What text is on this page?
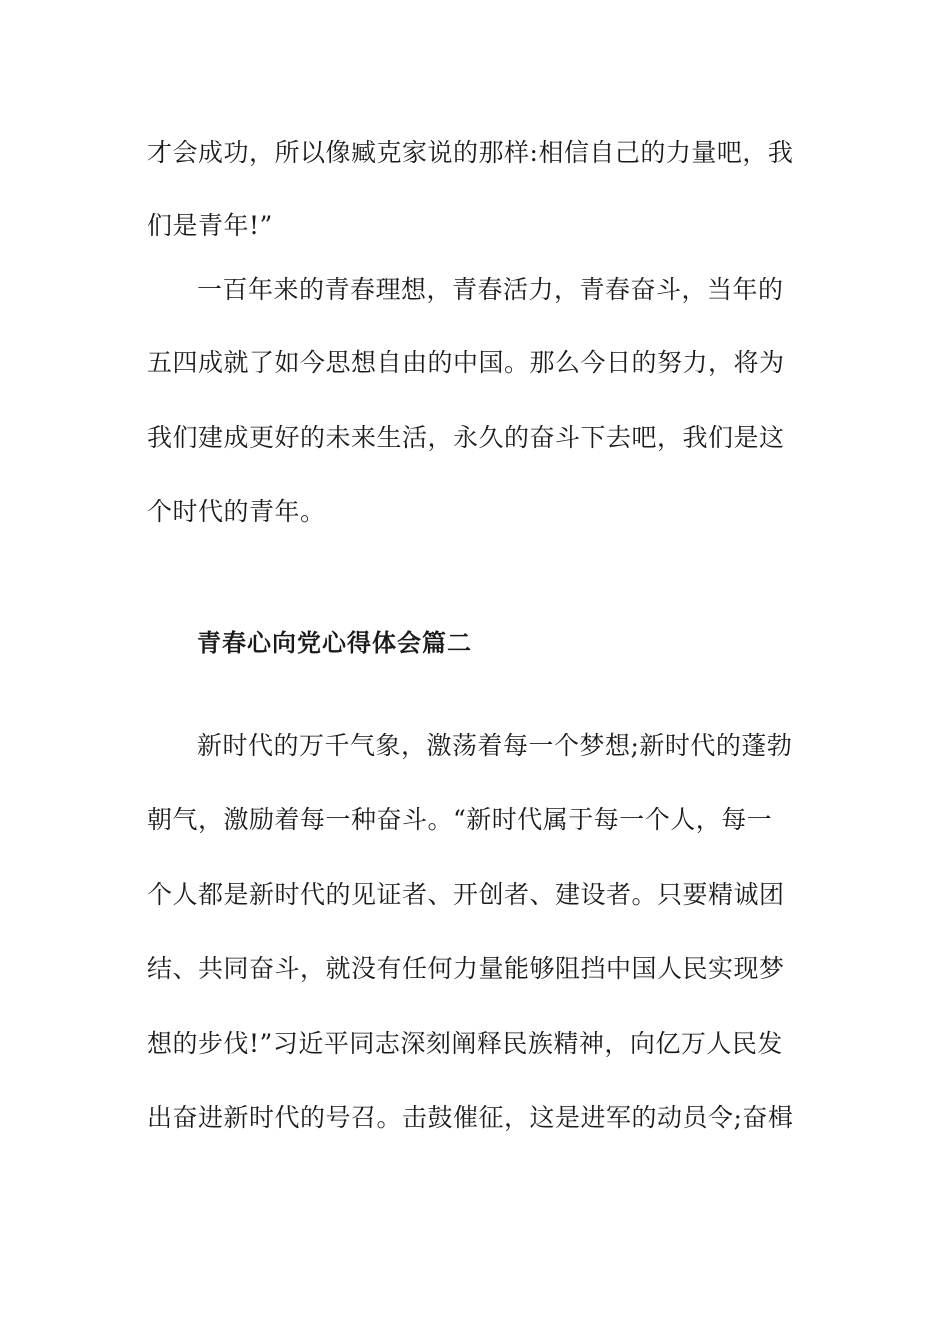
才会成功，所以像臧克家说的那样:相信自己的力量吧，我
们是青年!”
一百年来的青春理想，青春活力，青春奋斗，当年的
五四成就了如今思想自由的中国。那么今日的努力，将为
我们建成更好的未来生活，永久的奋斗下去吧，我们是这
个时代的青年。
青春心向党心得体会篇二
新时代的万千气象，激荡着每一个梦想;新时代的蓬勃
朝气，激励着每一种奋斗。“新时代属于每一个人，每一
个人都是新时代的见证者、开创者、建设者。只要精诚团
结、共同奋斗，就没有任何力量能够阻挡中国人民实现梦
想的步伐!”习近平同志深刻阐释民族精神，向亿万人民发
出奋进新时代的号召。击鼓催征，这是进军的动员令;奋楫
